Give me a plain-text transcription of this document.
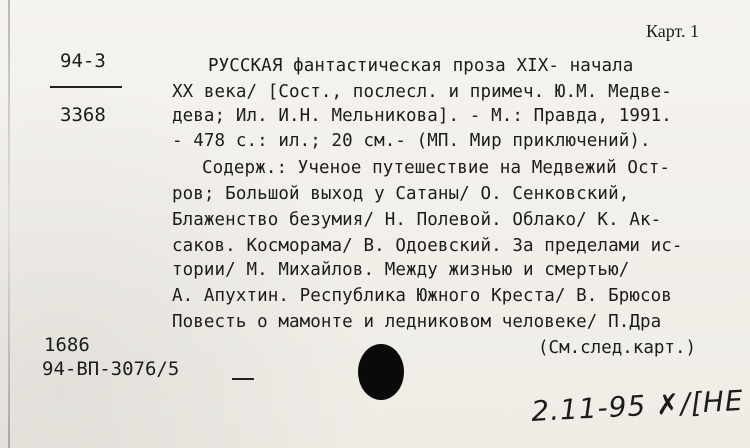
Карт. 1
94-3
3368
РУССКАЯ фантастическая проза XIX- начала
XX века/ [Сост., послесл. и примеч. Ю.М. Медве-
дева; Ил. И.Н. Мельникова]. - М.: Правда, 1991.
- 478 с.: ил.; 20 см.- (МП. Мир приключений).
Содерж.: Ученое путешествие на Медвежий Ост-
ров; Большой выход у Сатаны/ О. Сенковский,
Блаженство безумия/ Н. Полевой. Облако/ К. Ак-
саков. Косморама/ В. Одоевский. За пределами ис-
тории/ М. Михайлов. Между жизнью и смертью/
А. Апухтин. Республика Южного Креста/ В. Брюсов
Повесть о мамонте и ледниковом человеке/ П.Дра
(См.след.карт.)
1686
94-ВП-3076/5
2.11-95 ✗/[НЕ
